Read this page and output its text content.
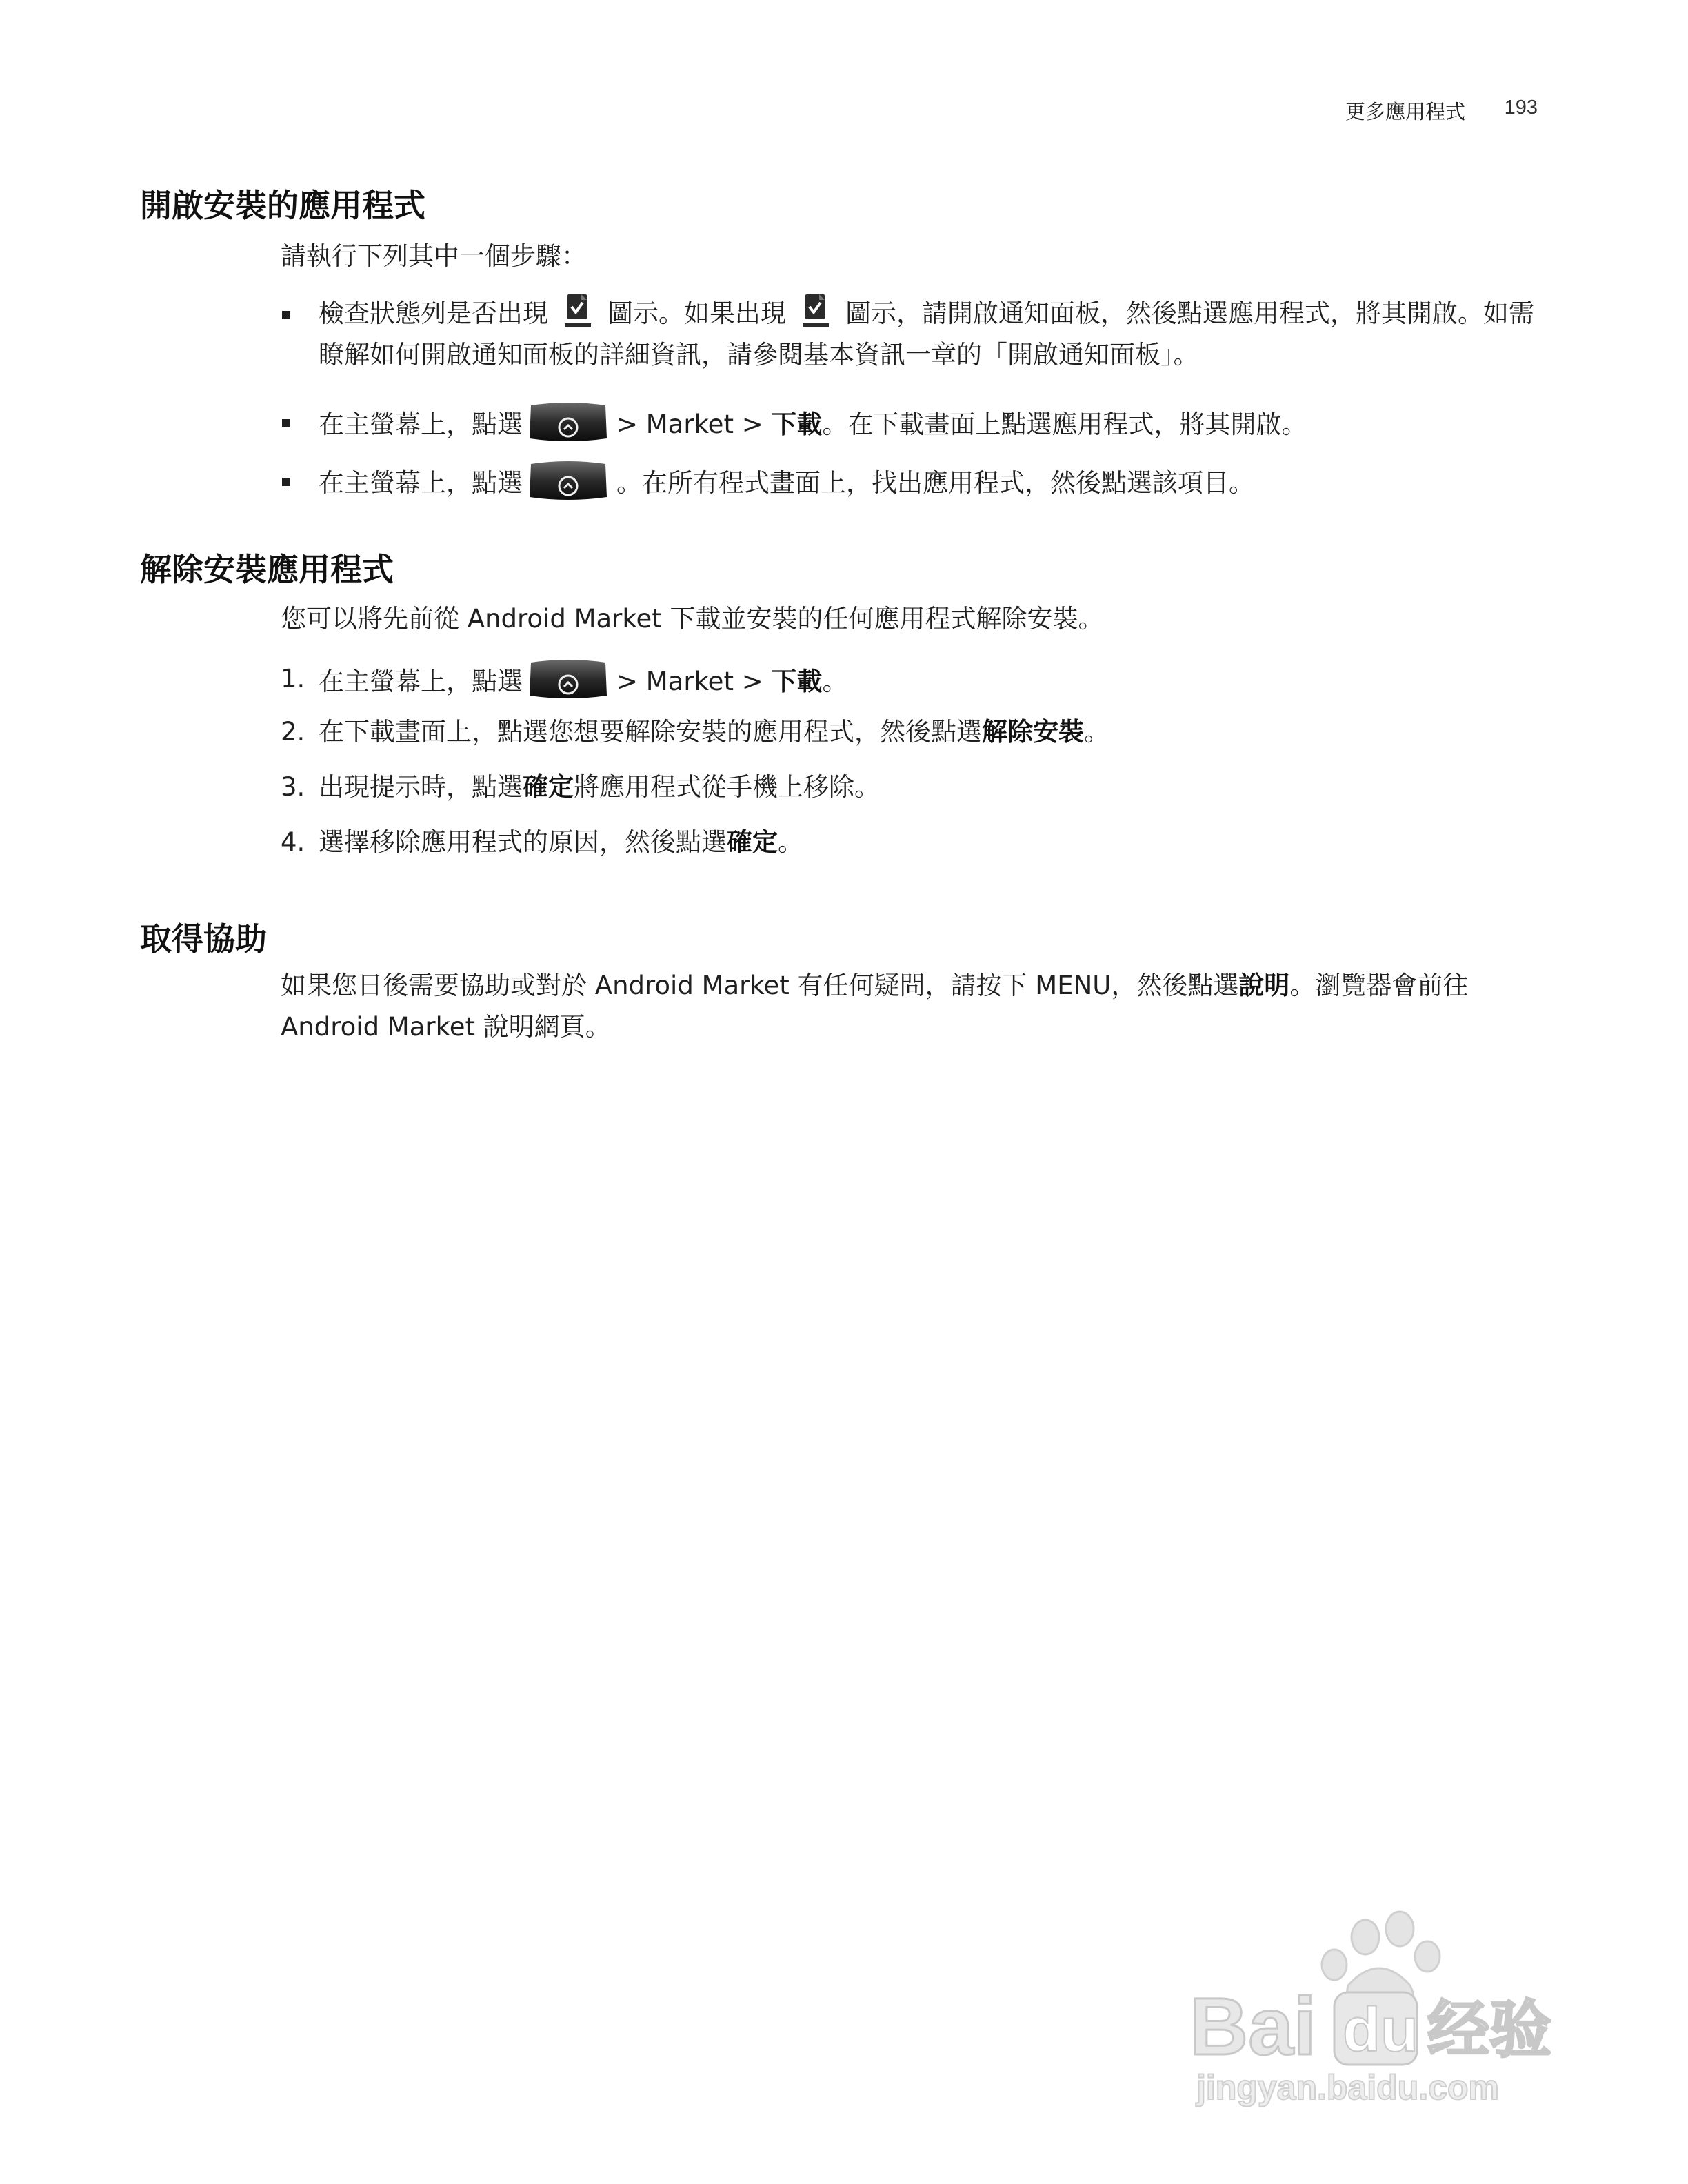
更多應用程式 193
開啟安裝的應用程式

請執行下列其中一個步驟：

檢查狀態列是否出現 圖示。如果出現 圖示，請開啟通知面板，然後點選應用程式，將其開啟。如需瞭解如何開啟通知面板的詳細資訊，請參閱基本資訊一章的「開啟通知面板」。
在主螢幕上，點選	> Market > 下載。在下載畫面上點選應用程式，將其開啟。
在主螢幕上，點選	。在所有程式畫面上，找出應用程式，然後點選該項目。
解除安裝應用程式

您可以將先前從 Android Market 下載並安裝的任何應用程式解除安裝。

1. 在主螢幕上，點選	> Market > 下載。
2. 在下載畫面上，點選您想要解除安裝的應用程式，然後點選解除安裝。
3. 出現提示時，點選確定將應用程式從手機上移除。
4. 選擇移除應用程式的原因，然後點選確定。
取得協助

如果您日後需要協助或對於 Android Market 有任何疑問，請按下 MENU，然後點選說明。瀏覽器會前往 Android Market 說明網頁。

Bai du 经验
jingyan.baidu.com
